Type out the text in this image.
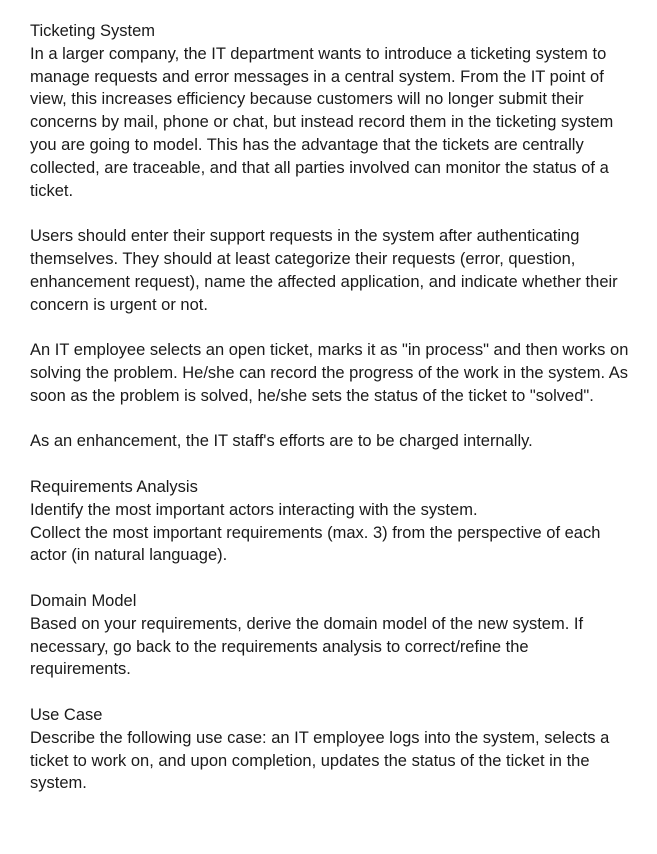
Ticketing System
In a larger company, the IT department wants to introduce a ticketing system to manage requests and error messages in a central system. From the IT point of view, this increases efficiency because customers will no longer submit their concerns by mail, phone or chat, but instead record them in the ticketing system you are going to model. This has the advantage that the tickets are centrally collected, are traceable, and that all parties involved can monitor the status of a ticket.
Users should enter their support requests in the system after authenticating themselves. They should at least categorize their requests (error, question, enhancement request), name the affected application, and indicate whether their concern is urgent or not.
An IT employee selects an open ticket, marks it as "in process" and then works on solving the problem. He/she can record the progress of the work in the system. As soon as the problem is solved, he/she sets the status of the ticket to "solved".
As an enhancement, the IT staff's efforts are to be charged internally.
Requirements Analysis
Identify the most important actors interacting with the system.
Collect the most important requirements (max. 3) from the perspective of each actor (in natural language).
Domain Model
Based on your requirements, derive the domain model of the new system. If necessary, go back to the requirements analysis to correct/refine the requirements.
Use Case
Describe the following use case: an IT employee logs into the system, selects a ticket to work on, and upon completion, updates the status of the ticket in the system.
